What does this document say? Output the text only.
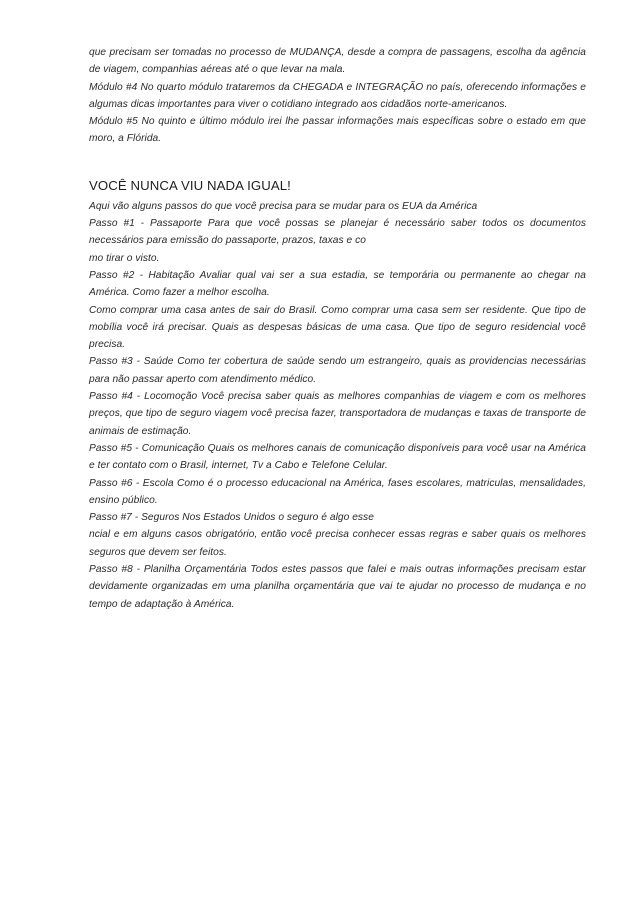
que precisam ser tomadas no processo de MUDANÇA, desde a compra de passagens, escolha da agência de viagem, companhias aéreas até o que levar na mala.

Módulo #4 No quarto módulo trataremos da CHEGADA e INTEGRAÇÃO no país, oferecendo informações e algumas dicas importantes para viver o cotidiano integrado aos cidadãos norte-americanos.

Módulo #5 No quinto e último módulo irei lhe passar informações mais específicas sobre o estado em que moro, a Flórida.

VOCÊ NUNCA VIU NADA IGUAL!

Aqui vão alguns passos do que você precisa para se mudar para os EUA da América

Passo #1 - Passaporte Para que você possas se planejar é necessário saber todos os documentos necessários para emissão do passaporte, prazos, taxas e co

mo tirar o visto.

Passo #2 - Habitação Avaliar qual vai ser a sua estadia, se temporária ou permanente ao chegar na América. Como fazer a melhor escolha.

Como comprar uma casa antes de sair do Brasil. Como comprar uma casa sem ser residente. Que tipo de mobília você irá precisar. Quais as despesas básicas de uma casa. Que tipo de seguro residencial você precisa.

Passo #3 - Saúde Como ter cobertura de saúde sendo um estrangeiro, quais as providencias necessárias para não passar aperto com atendimento médico.

Passo #4 - Locomoção Você precisa saber quais as melhores companhias de viagem e com os melhores preços, que tipo de seguro viagem você precisa fazer, transportadora de mudanças e taxas de transporte de animais de estimação.

Passo #5 - Comunicação Quais os melhores canais de comunicação disponíveis para você usar na América e ter contato com o Brasil, internet, Tv a Cabo e Telefone Celular.

Passo #6 - Escola Como é o processo educacional na América, fases escolares, matriculas, mensalidades, ensino público.

Passo #7 - Seguros Nos Estados Unidos o seguro é algo esse

ncial e em alguns casos obrigatório, então você precisa conhecer essas regras e saber quais os melhores seguros que devem ser feitos.

Passo #8 - Planilha Orçamentária Todos estes passos que falei e mais outras informações precisam estar devidamente organizadas em uma planilha orçamentária que vai te ajudar no processo de mudança e no tempo de adaptação à América.
